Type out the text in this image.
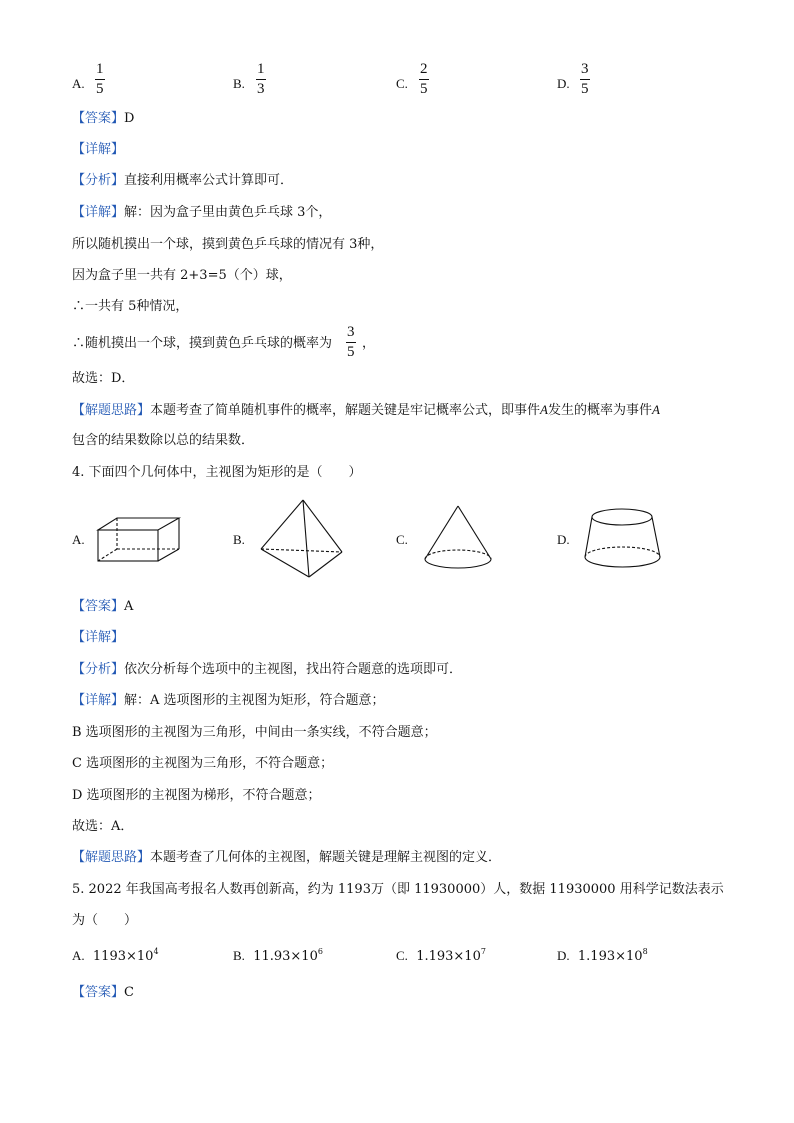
A.
1
5	B.
1
3	C.
2
5	D.
3
5
【答案】D
【详解】
【分析】直接利用概率公式计算即可．
【详解】解：因为盒子里由黄色乒乓球 3个，
所以随机摸出一个球，摸到黄色乒乓球的情况有 3种，
因为盒子里一共有 2+3=5（个）球，
∴一共有 5种情况，
∴随机摸出一个球，摸到黄色乒乓球的概率为
3
5
，
故选：D．
【解题思路】本题考查了简单随机事件的概率，解题关键是牢记概率公式，即事件A发生的概率为事件A
包含的结果数除以总的结果数．
4. 下面四个几何体中，主视图为矩形的是（　　）
A.	B.	C.	D.
【答案】A
【详解】
【分析】依次分析每个选项中的主视图，找出符合题意的选项即可．
【详解】解：A 选项图形的主视图为矩形，符合题意；
B 选项图形的主视图为三角形，中间由一条实线，不符合题意；
C 选项图形的主视图为三角形，不符合题意；
D 选项图形的主视图为梯形，不符合题意；
故选：A．
【解题思路】本题考查了几何体的主视图，解题关键是理解主视图的定义．
5. 2022 年我国高考报名人数再创新高，约为 1193万（即 11930000）人，数据 11930000 用科学记数法表示
为（　　）
A. $1193\times 10^4$	B. $11.93\times 10^6$	C. $1.193\times 10^7$	D. $1.193\times 10^8$
【答案】C
